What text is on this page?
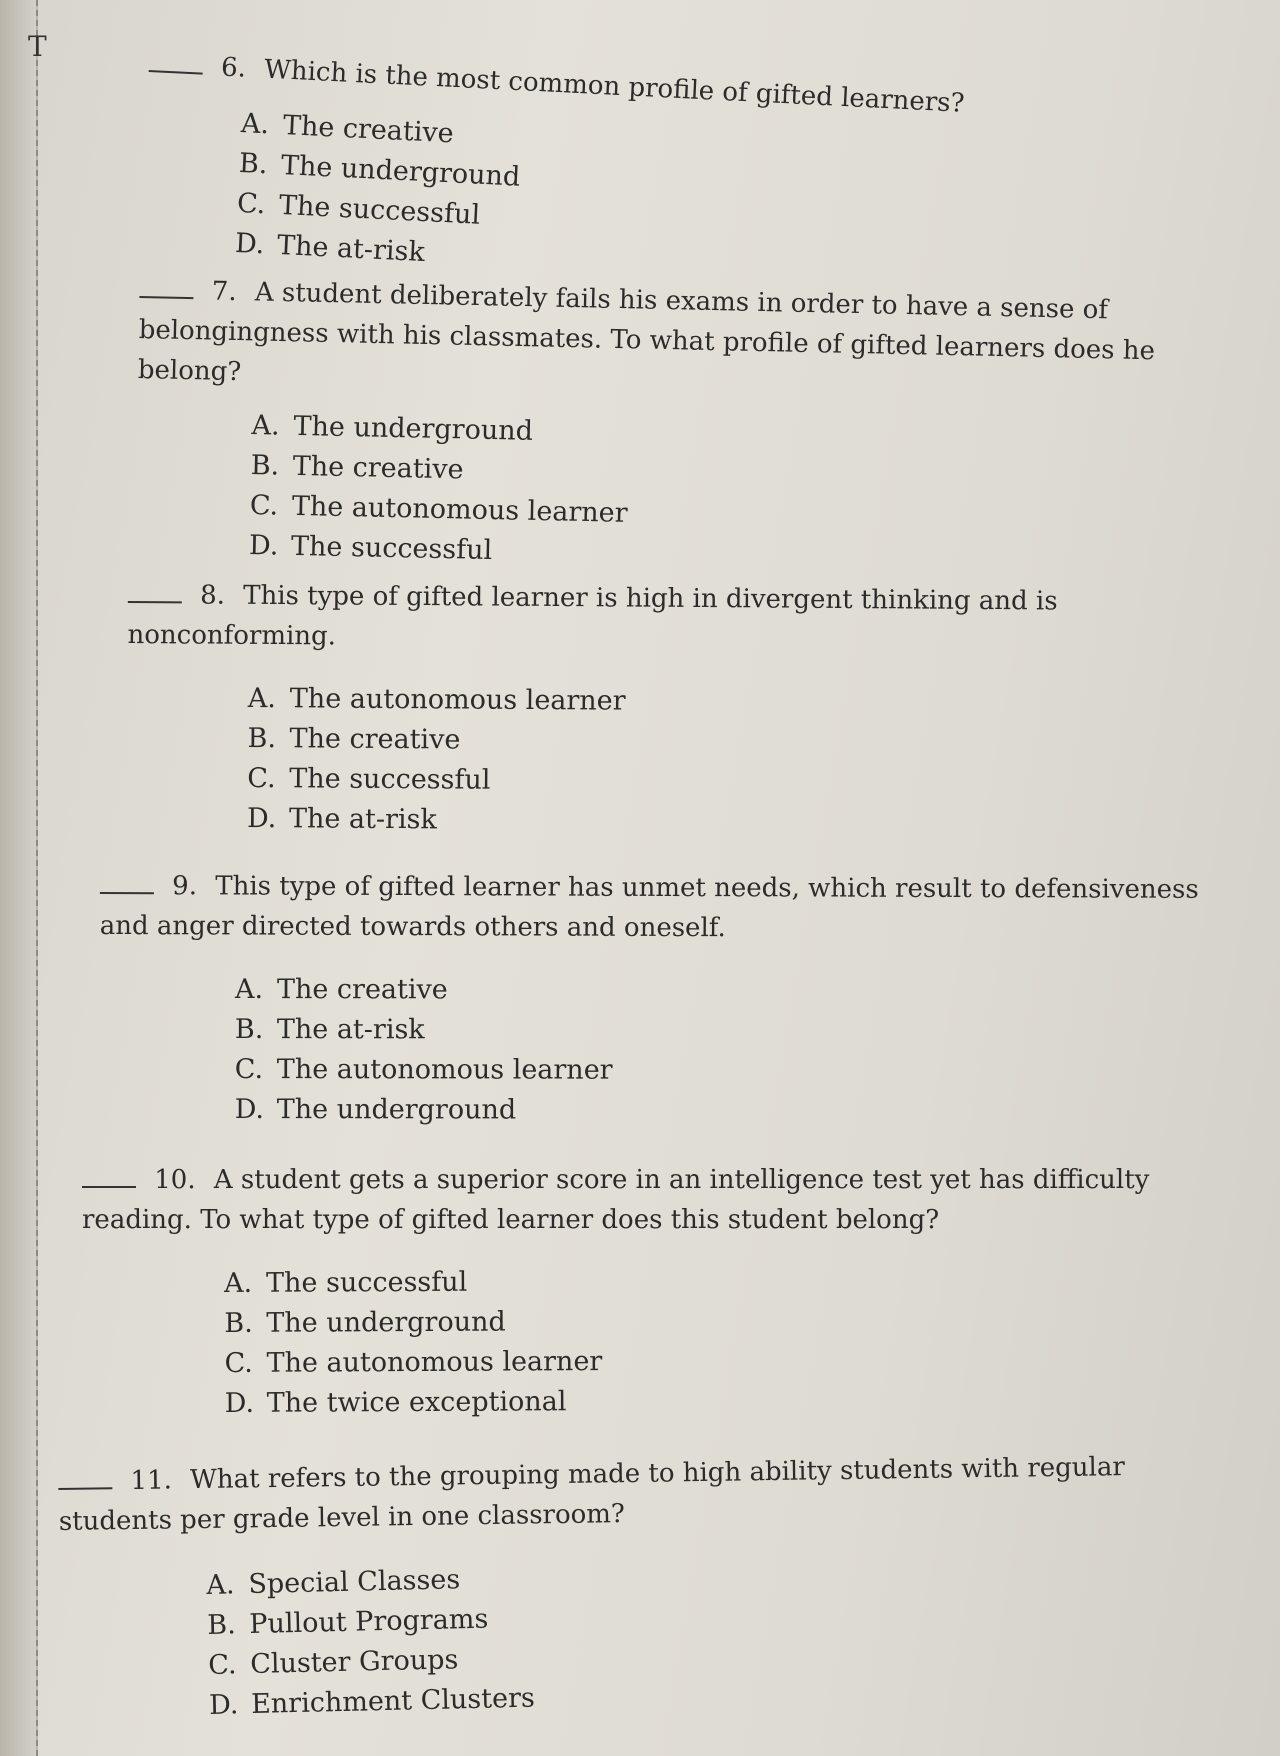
T
6. Which is the most common profile of gifted learners?
A. The creative
B. The underground
C. The successful
D. The at-risk
7. A student deliberately fails his exams in order to have a sense of belongingness with his classmates. To what profile of gifted learners does he belong?
A. The underground
B. The creative
C. The autonomous learner
D. The successful
8. This type of gifted learner is high in divergent thinking and is nonconforming.
A. The autonomous learner
B. The creative
C. The successful
D. The at-risk
9. This type of gifted learner has unmet needs, which result to defensiveness and anger directed towards others and oneself.
A. The creative
B. The at-risk
C. The autonomous learner
D. The underground
10. A student gets a superior score in an intelligence test yet has difficulty reading. To what type of gifted learner does this student belong?
A. The successful
B. The underground
C. The autonomous learner
D. The twice exceptional
11. What refers to the grouping made to high ability students with regular students per grade level in one classroom?
A. Special Classes
B. Pullout Programs
C. Cluster Groups
D. Enrichment Clusters
